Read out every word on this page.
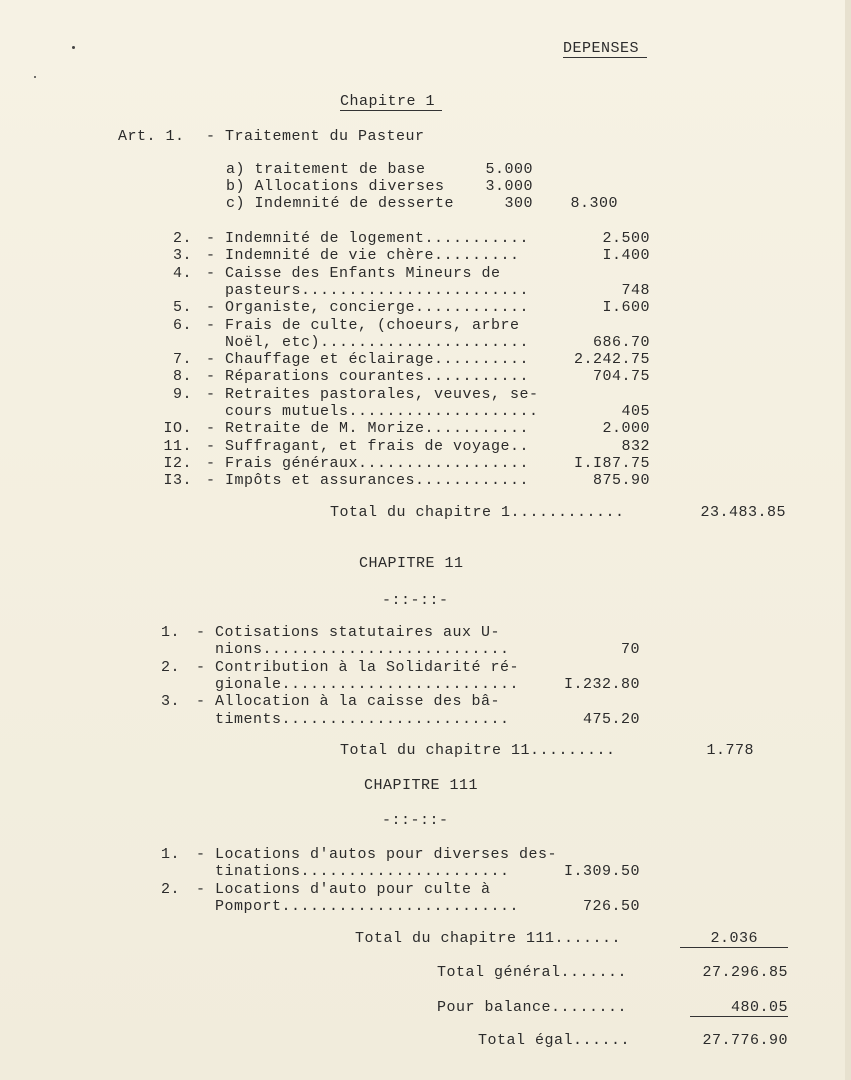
DEPENSES
Chapitre 1
Art. 1. - Traitement du Pasteur
a) traitement de base	5.000
b) Allocations diverses	3.000
c) Indemnité de desserte	300	8.300
2. - Indemnité de logement...........	2.500
3. - Indemnité de vie chère.........	I.400
4. - Caisse des Enfants Mineurs de
pasteurs........................	748
5. - Organiste, concierge............	I.600
6. - Frais de culte, (choeurs, arbre
Noël, etc)......................	686.70
7. - Chauffage et éclairage..........	2.242.75
8. - Réparations courantes...........	704.75
9. - Retraites pastorales, veuves, se-
cours mutuels....................	405
IO. - Retraite de M. Morize...........	2.000
11. - Suffragant, et frais de voyage..	832
I2. - Frais généraux..................	I.I87.75
I3. - Impôts et assurances............	875.90
Total du chapitre 1............	23.483.85
CHAPITRE 11
-::-::-
1. - Cotisations statutaires aux U-
nions..........................	70
2. - Contribution à la Solidarité ré-
gionale.........................	I.232.80
3. - Allocation à la caisse des bâ-
timents........................	475.20
Total du chapitre 11.........	1.778
CHAPITRE 111
-::-::-
1. - Locations d'autos pour diverses des-
tinations......................	I.309.50
2. - Locations d'auto pour culte à
Pomport.........................	726.50
Total du chapitre 111.......	2.036
Total général.......	27.296.85
Pour balance........	480.05
Total égal......	27.776.90
